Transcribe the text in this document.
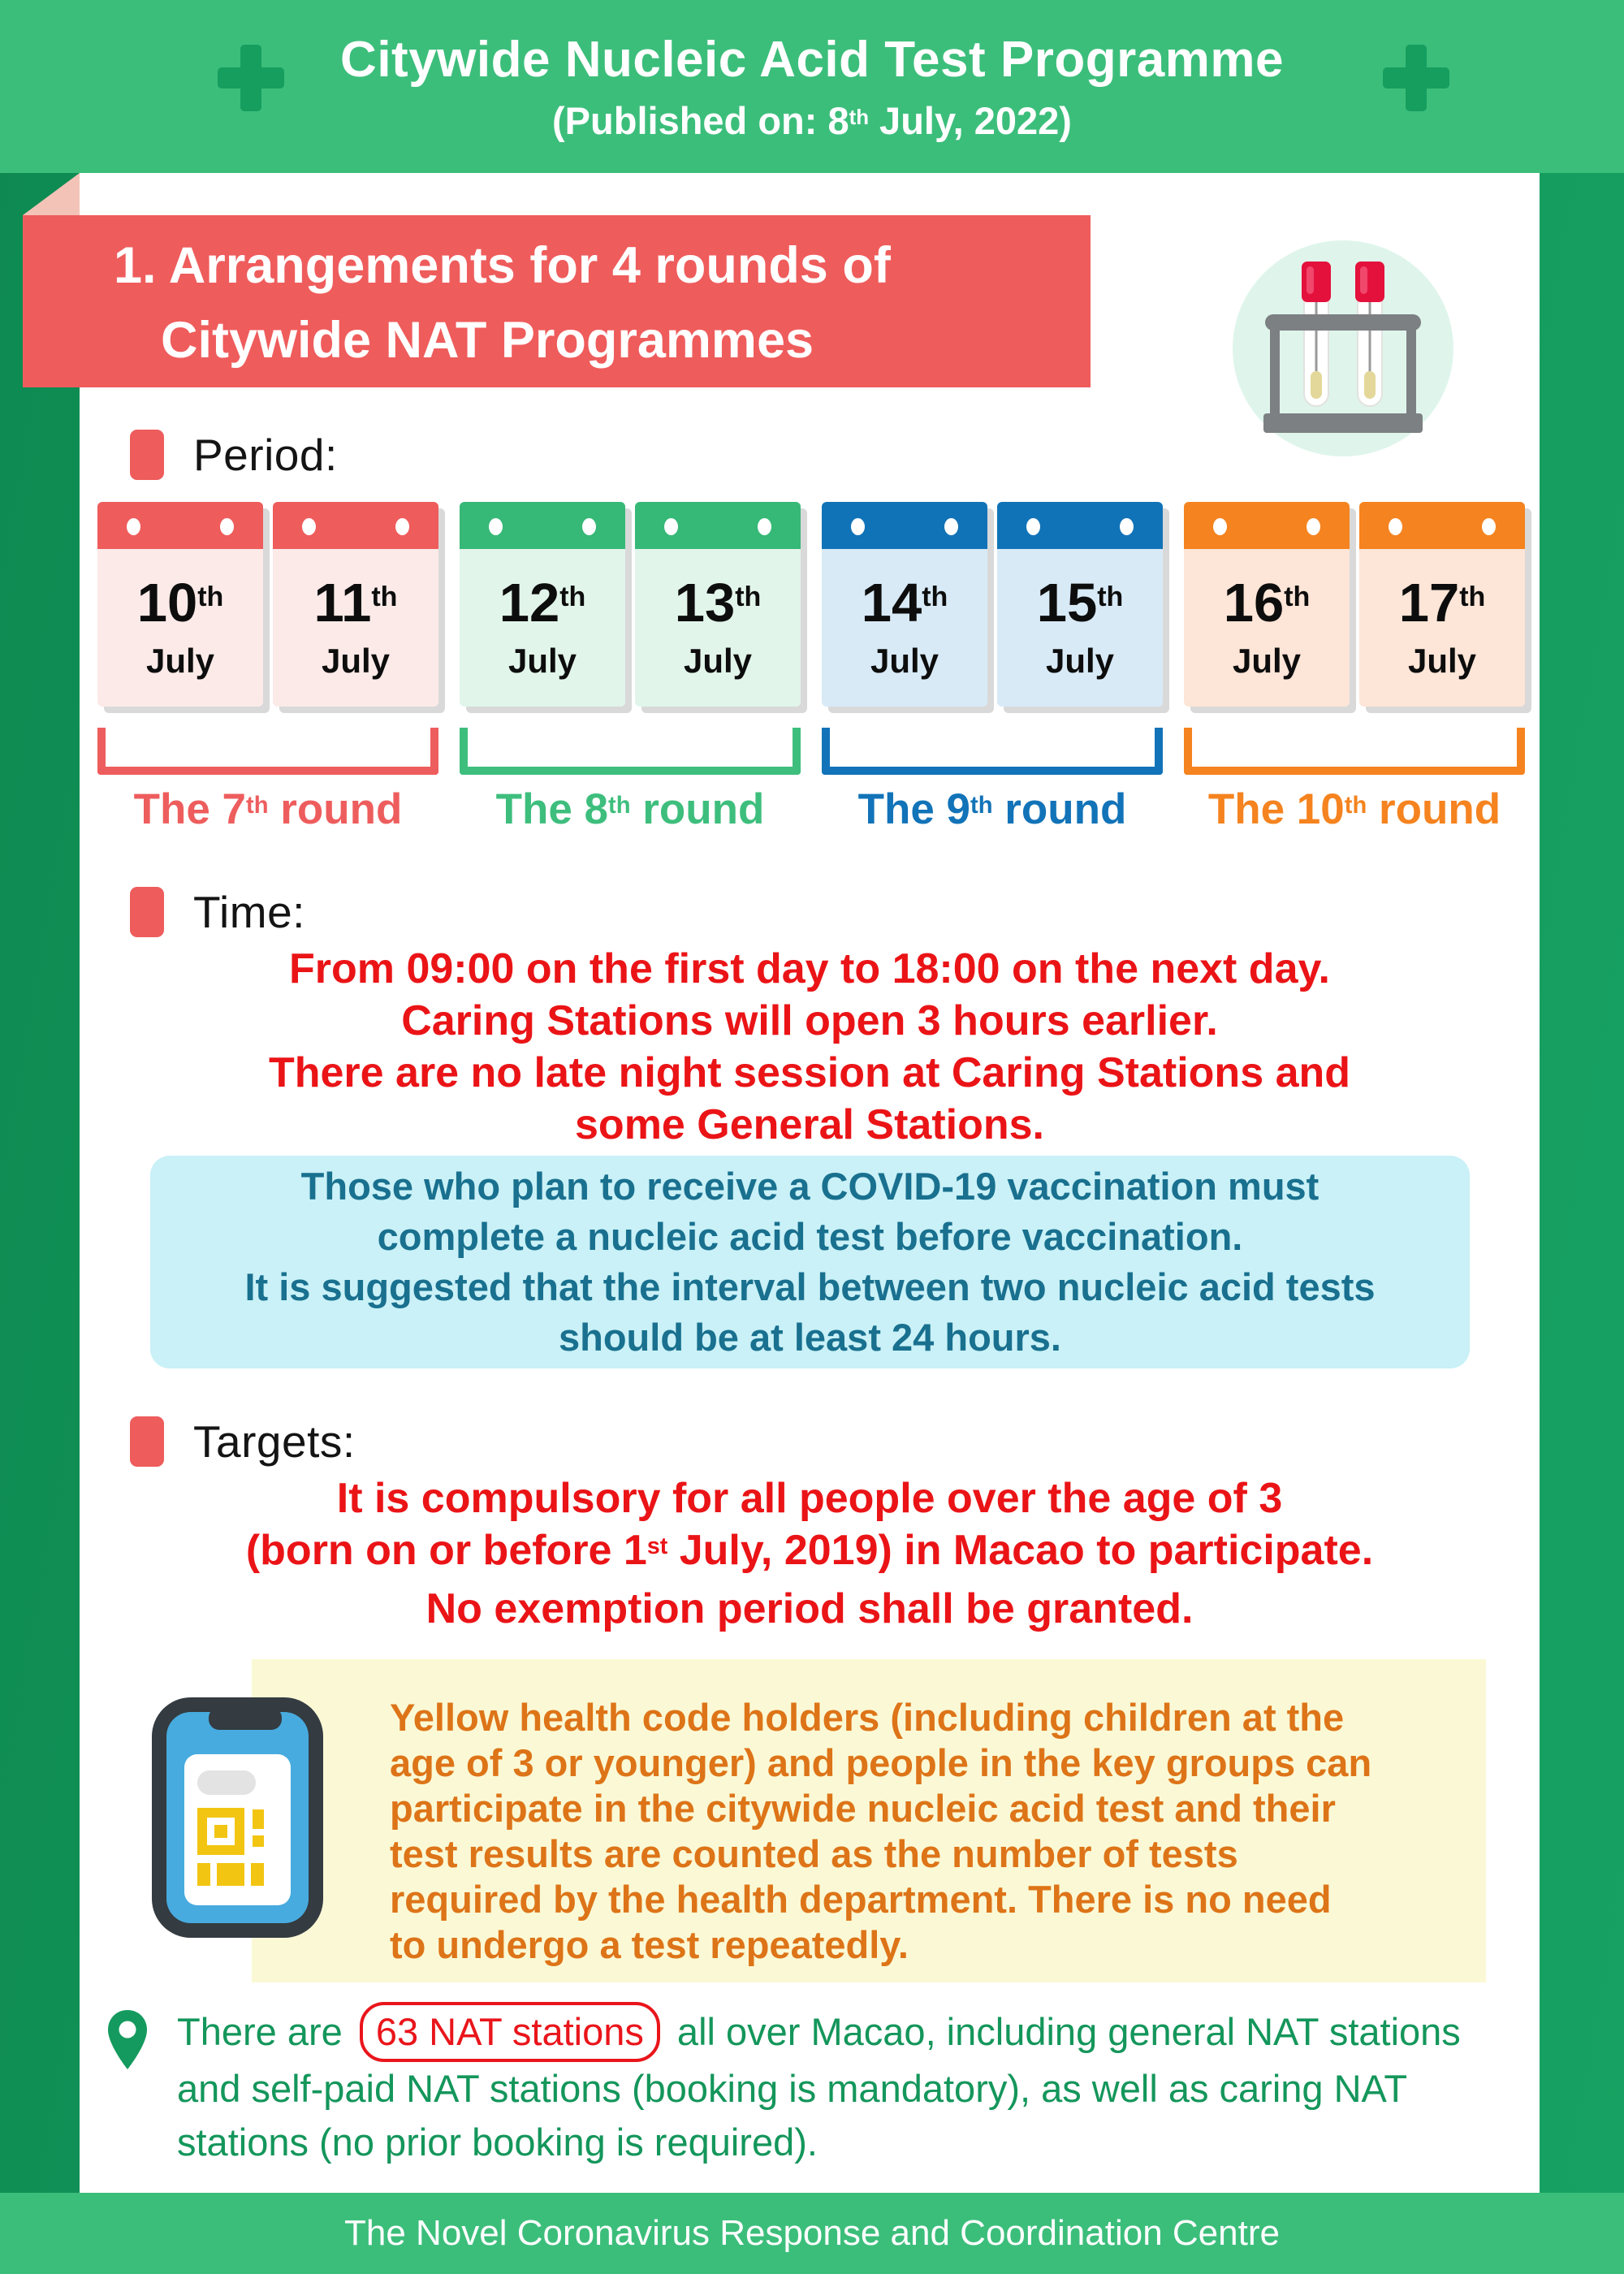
Citywide Nucleic Acid Test Programme
(Published on: 8th July, 2022)
1. Arrangements for 4 rounds of
Citywide NAT Programmes
Period:
10th
July
11th
July
12th
July
13th
July
14th
July
15th
July
16th
July
17th
July
The 7th round	The 8th round	The 9th round	The 10th round
Time:
From 09:00 on the first day to 18:00 on the next day.
Caring Stations will open 3 hours earlier.
There are no late night session at Caring Stations and
some General Stations.
Those who plan to receive a COVID-19 vaccination must
complete a nucleic acid test before vaccination.
It is suggested that the interval between two nucleic acid tests
should be at least 24 hours.
Targets:
It is compulsory for all people over the age of 3
(born on or before 1st July, 2019) in Macao to participate.
No exemption period shall be granted.
Yellow health code holders (including children at the
age of 3 or younger) and people in the key groups can
participate in the citywide nucleic acid test and their
test results are counted as the number of tests
required by the health department. There is no need
to undergo a test repeatedly.
There are 63 NAT stations all over Macao, including general NAT stations
and self-paid NAT stations (booking is mandatory), as well as caring NAT
stations (no prior booking is required).
The Novel Coronavirus Response and Coordination Centre
